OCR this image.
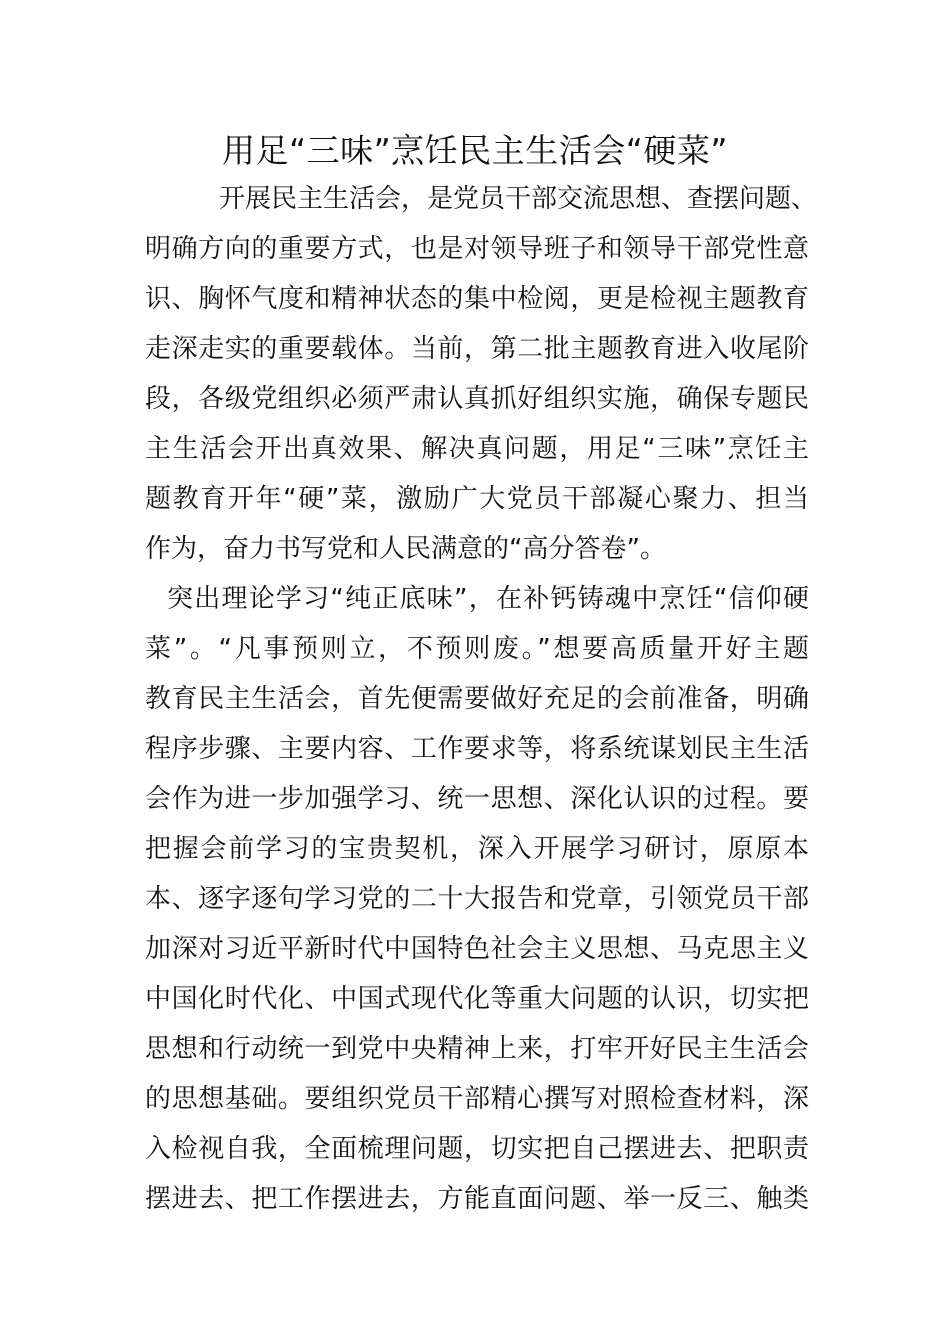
用足“三味”烹饪民主生活会“硬菜”
开展民主生活会，是党员干部交流思想、查摆问题、
明确方向的重要方式，也是对领导班子和领导干部党性意
识、胸怀气度和精神状态的集中检阅，更是检视主题教育
走深走实的重要载体。当前，第二批主题教育进入收尾阶
段，各级党组织必须严肃认真抓好组织实施，确保专题民
主生活会开出真效果、解决真问题，用足“三味”烹饪主
题教育开年“硬”菜，激励广大党员干部凝心聚力、担当
作为，奋力书写党和人民满意的“高分答卷”。
突出理论学习“纯正底味”，在补钙铸魂中烹饪“信仰硬
菜”。“凡事预则立，不预则废。”想要高质量开好主题
教育民主生活会，首先便需要做好充足的会前准备，明确
程序步骤、主要内容、工作要求等，将系统谋划民主生活
会作为进一步加强学习、统一思想、深化认识的过程。要
把握会前学习的宝贵契机，深入开展学习研讨，原原本
本、逐字逐句学习党的二十大报告和党章，引领党员干部
加深对习近平新时代中国特色社会主义思想、马克思主义
中国化时代化、中国式现代化等重大问题的认识，切实把
思想和行动统一到党中央精神上来，打牢开好民主生活会
的思想基础。要组织党员干部精心撰写对照检查材料，深
入检视自我，全面梳理问题，切实把自己摆进去、把职责
摆进去、把工作摆进去，方能直面问题、举一反三、触类
